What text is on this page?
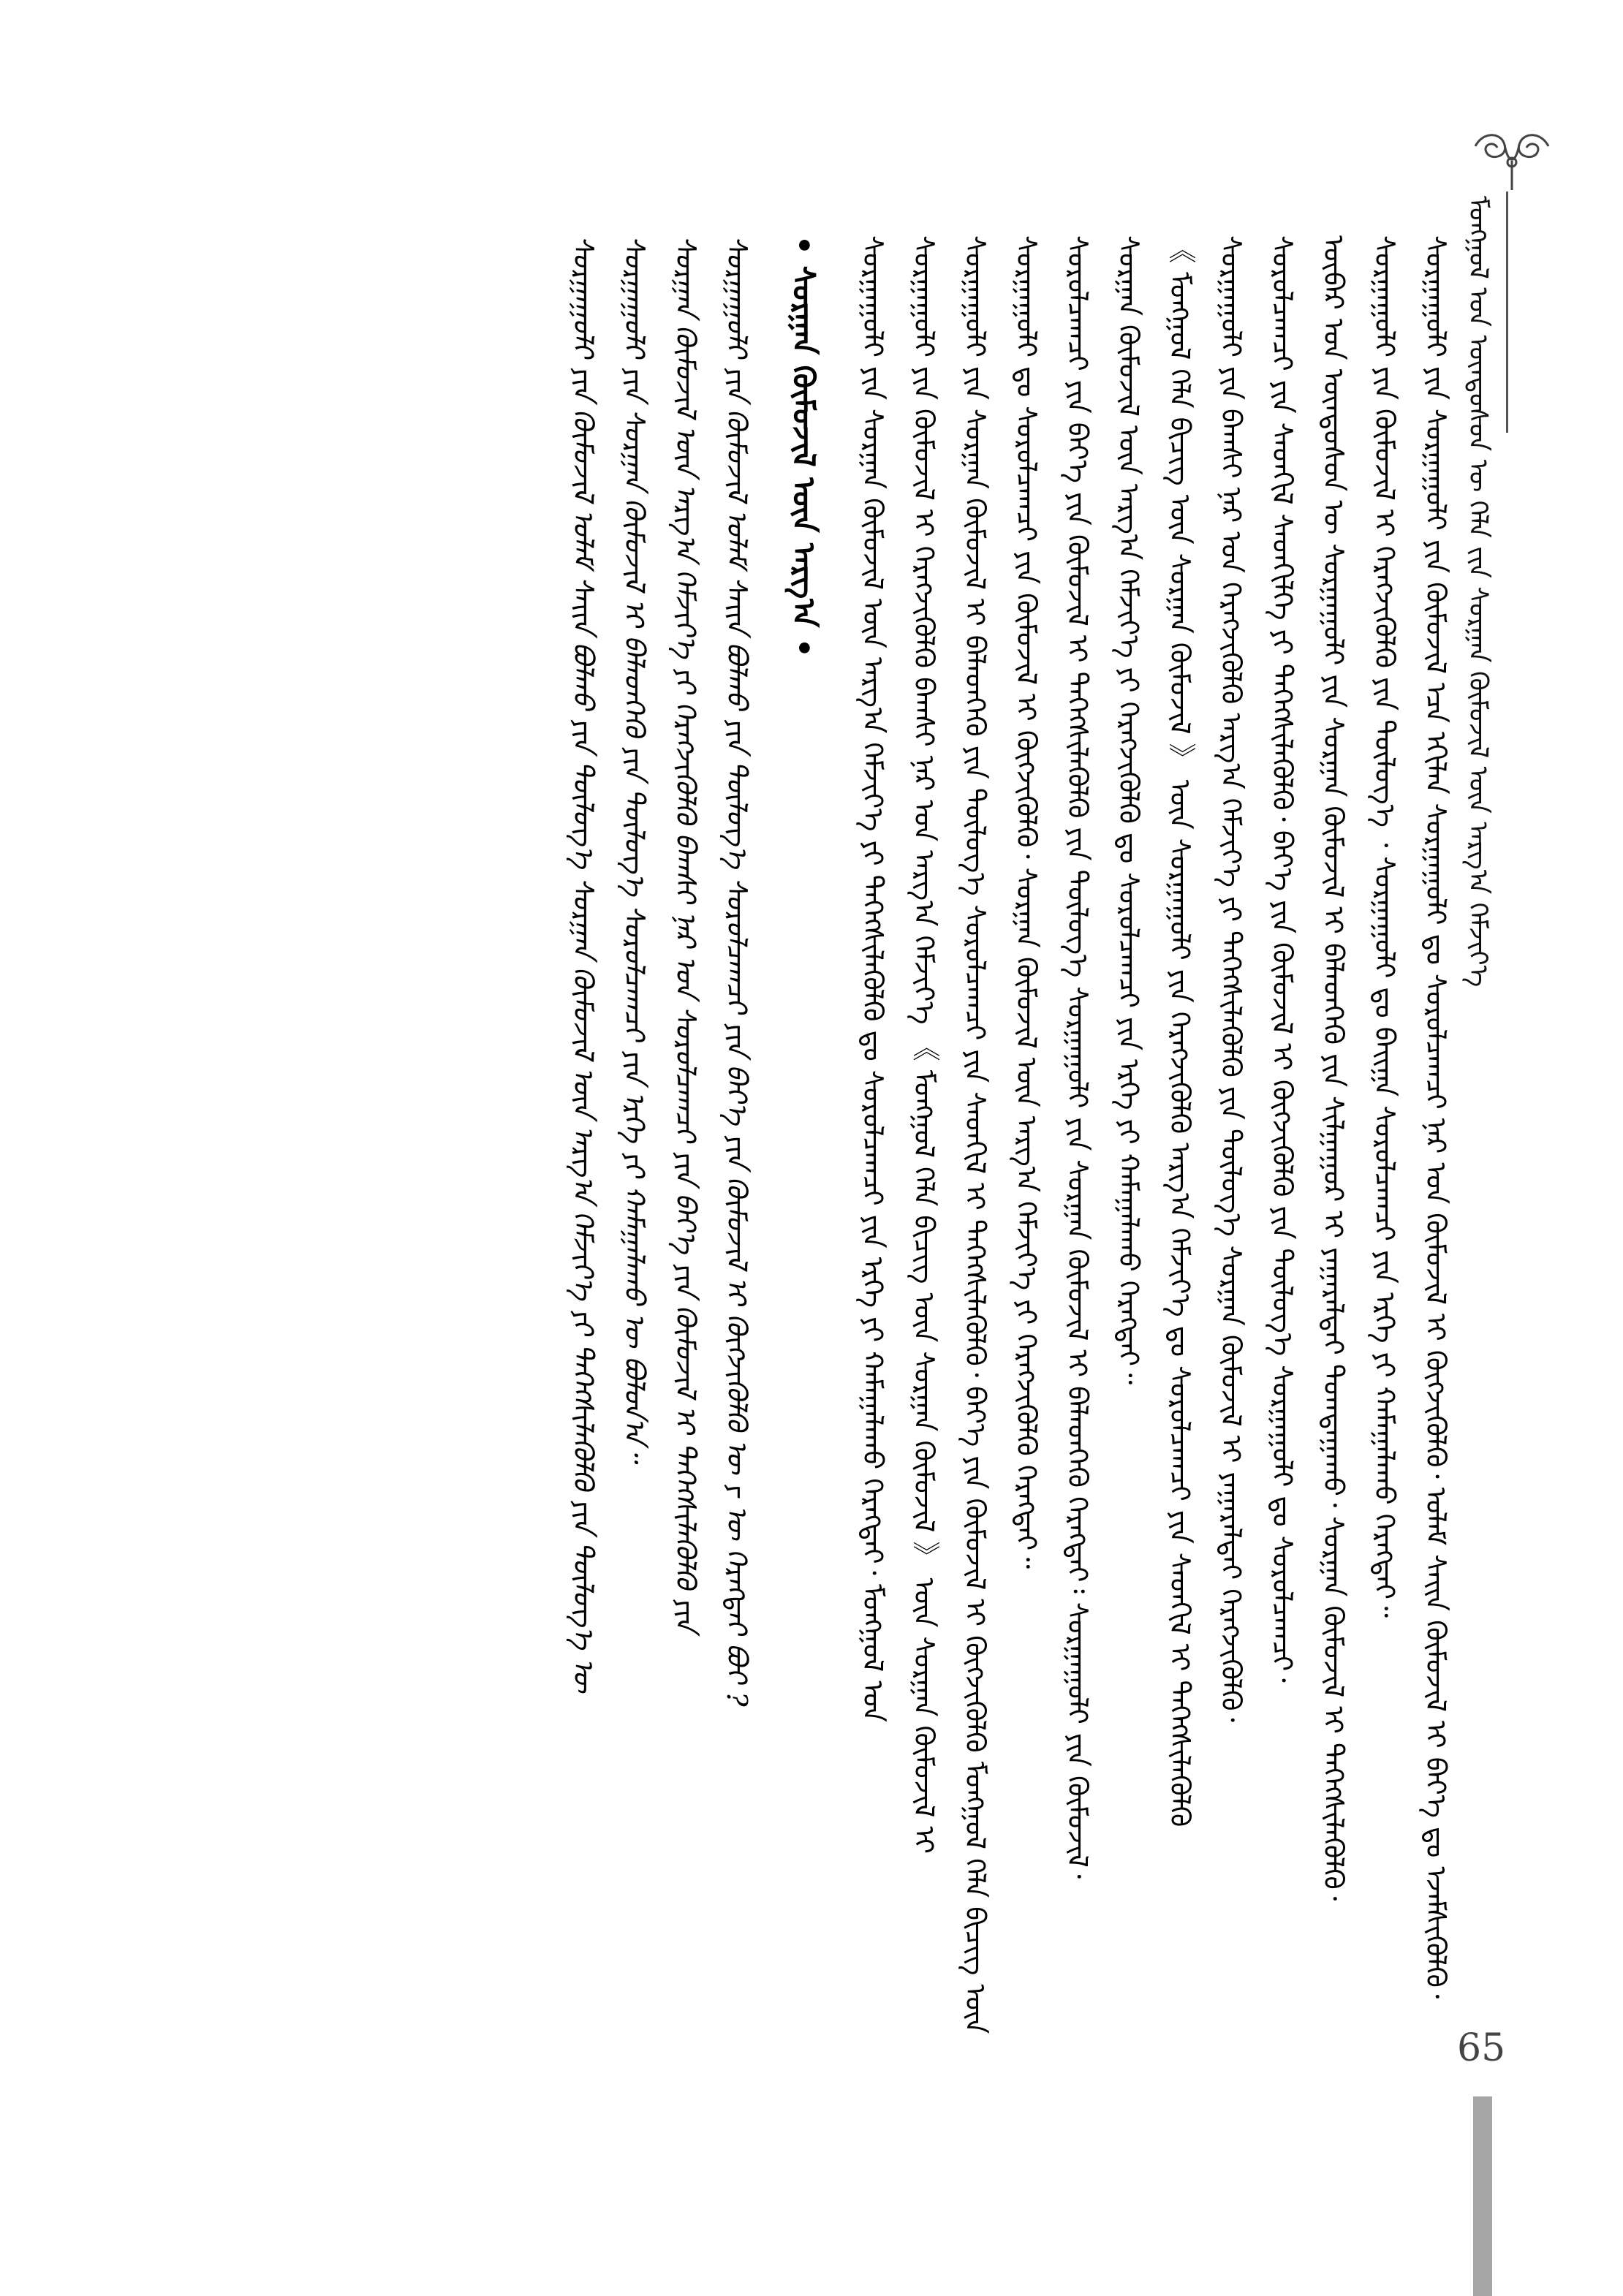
ᠮᠣᠩᠭᠣᠯ ᠤᠨ ᠦᠨᠳᠦᠰᠦᠨ ᠦ ᠬᠡᠯᠡ ᠵᠢᠨ ᠰᠤᠷᠭᠠᠨ ᠬᠦᠮᠦᠵᠢᠯ ᠦᠨ ᠠᠷᠭ᠎ᠠ ᠬᠡᠮᠵᠢᠶ᠎ᠡ
ᠰᠤᠷᠭᠠᠭᠤᠯᠢ ᠶᠢᠨ ᠰᠤᠷᠭᠠᠭᠤᠯᠢ ᠶᠢᠨ ᠬᠦᠮᠦᠵᠢᠯ ᠡᠴᠡ ᠡᠬᠢᠯᠡᠨ ᠰᠤᠷᠭᠠᠭᠤᠯᠢ ᠳᠤ ᠰᠤᠷᠤᠯᠴᠠᠭᠴᠢ ᠨᠠᠷ ᠤᠨ ᠬᠦᠮᠦᠵᠢᠯ ᠢ ᠬᠥᠭᠵᠢᠭᠦᠯᠬᠦ᠂ ᠤᠯᠠᠮ ᠰᠠᠢᠨ ᠬᠦᠮᠦᠵᠢᠯ ᠢ ᠪᠡᠶ᠎ᠡ ᠳᠤ ᠡᠵᠡᠮᠰᠢᠭᠦᠯᠬᠦ᠂
ᠰᠤᠷᠭᠠᠭᠤᠯᠢ ᠶᠢᠨ ᠬᠦᠮᠦᠵᠢᠯ ᠢ ᠬᠡᠷᠡᠭᠵᠢᠭᠦᠯᠬᠦ ᠶᠢᠨ ᠲᠥᠯᠥᠭ᠎ᠡ ᠂ ᠰᠤᠷᠭᠠᠭᠤᠯᠢ ᠳᠤ ᠪᠠᠢᠭᠠ ᠰᠤᠷᠤᠯᠴᠠᠭᠴᠢ ᠶᠢᠨ ᠡᠷᠬᠡ ᠶᠢ ᠬᠠᠮᠠᠭᠠᠯᠠᠬᠤ ᠬᠡᠷᠡᠭᠲᠡᠢ᠃
ᠥᠪᠡᠷ ᠤᠨ ᠦᠨᠳᠦᠰᠦᠨ ᠦ ᠰᠤᠷᠭᠠᠭᠤᠯᠢ ᠶᠢᠨ ᠰᠤᠷᠭᠠᠨ ᠬᠦᠮᠦᠵᠢᠯ ᠢ ᠪᠡᠯᠡᠳᠬᠡᠬᠦ ᠶᠢᠨ ᠰᠢᠯᠭᠠᠭᠤᠷ ᠢ ᠶᠠᠭᠠᠷᠠᠯᠲᠠᠢ ᠲᠣᠭᠲᠠᠭᠠᠬᠤ᠂ ᠰᠤᠷᠭᠠᠨ ᠬᠦᠮᠦᠵᠢᠯ ᠢ ᠳᠡᠭᠡᠭᠰᠢᠯᠡᠭᠦᠯᠬᠦ᠂
ᠰᠤᠷᠤᠯᠴᠠᠭᠴᠢ ᠶᠢᠨ ᠰᠡᠳᠬᠢᠯ ᠰᠡᠳᠬᠢᠯᠭᠡ ᠶᠢ ᠳᠡᠭᠡᠭᠰᠢᠯᠡᠭᠦᠯᠬᠦ᠂ ᠪᠡᠶ᠎ᠡ ᠶᠢᠨ ᠬᠦᠮᠦᠵᠢᠯ ᠢ ᠬᠥᠭᠵᠢᠭᠦᠯᠬᠦ ᠶᠢᠨ ᠲᠥᠯᠥᠭ᠎ᠡ ᠰᠤᠷᠭᠠᠭᠤᠯᠢ ᠳᠤ ᠰᠤᠷᠤᠯᠴᠠᠭᠴᠢ᠂
ᠰᠤᠷᠭᠠᠭᠤᠯᠢ ᠶᠢᠨ ᠪᠠᠭᠰᠢ ᠨᠠᠷ ᠤᠨ ᠬᠡᠷᠡᠭᠵᠢᠭᠦᠯᠬᠦ ᠠᠷᠭ᠎ᠠ ᠬᠡᠮᠵᠢᠶ᠎ᠡ ᠶᠢ ᠳᠡᠭᠡᠭᠰᠢᠯᠡᠭᠦᠯᠬᠦ ᠶᠢᠨ ᠲᠥᠯᠥᠭ᠎ᠡ ᠰᠤᠷᠭᠠᠨ ᠬᠦᠮᠦᠵᠢᠯ ᠢ ᠶᠠᠭᠠᠷᠠᠯᠲᠠᠢ ᠬᠡᠷᠡᠭᠵᠢᠭᠦᠯᠬᠦ᠂
《 ᠮᠣᠩᠭᠣᠯ ᠬᠡᠯᠡ ᠪᠢᠴᠢᠭ ᠦᠨ ᠰᠤᠷᠭᠠᠨ ᠬᠦᠮᠦᠵᠢᠯ 》 ᠦᠨ ᠰᠤᠷᠭᠠᠭᠤᠯᠢ ᠶᠢᠨ ᠬᠡᠷᠡᠭᠵᠢᠭᠦᠯᠬᠦ ᠠᠷᠭ᠎ᠠ ᠬᠡᠮᠵᠢᠶ᠎ᠡ ᠳᠤ ᠰᠤᠷᠤᠯᠴᠠᠭᠴᠢ ᠶᠢᠨ ᠰᠡᠳᠬᠢᠯ ᠢ ᠳᠡᠭᠡᠭᠰᠢᠯᠡᠭᠦᠯᠬᠦ
ᠰᠤᠷᠭᠠᠨ ᠬᠦᠮᠦᠵᠢᠯ ᠦᠨ ᠠᠷᠭ᠎ᠠ ᠬᠡᠮᠵᠢᠶ᠎ᠡ ᠶᠢ ᠬᠡᠷᠡᠭᠵᠢᠭᠦᠯᠬᠦ ᠳᠤ ᠰᠤᠷᠤᠯᠴᠠᠭᠴᠢ ᠶᠢᠨ ᠡᠷᠬᠡ ᠶᠢ ᠬᠠᠮᠠᠭᠠᠯᠠᠬᠤ ᠬᠡᠷᠡᠭᠲᠡᠢ᠃
ᠰᠤᠷᠤᠯᠴᠠᠭᠴᠢ ᠶᠢᠨ ᠪᠡᠶ᠎ᠡ ᠶᠢᠨ ᠬᠦᠮᠦᠵᠢᠯ ᠢ ᠳᠡᠭᠡᠭᠰᠢᠯᠡᠭᠦᠯᠬᠦ ᠶᠢᠨ ᠲᠥᠯᠥᠭ᠎ᠡ ᠰᠤᠷᠭᠠᠭᠤᠯᠢ ᠶᠢᠨ ᠰᠤᠷᠭᠠᠨ ᠬᠦᠮᠦᠵᠢᠯ ᠢ ᠪᠡᠯᠡᠳᠬᠡᠬᠦ ᠬᠡᠷᠡᠭᠲᠡᠢ᠄ ᠰᠤᠷᠭᠠᠭᠤᠯᠢ ᠶᠢᠨ ᠬᠦᠮᠦᠵᠢᠯ᠂
ᠰᠤᠷᠭᠠᠭᠤᠯᠢ ᠳᠤ ᠰᠤᠷᠤᠯᠴᠠᠭᠴᠢ ᠶᠢᠨ ᠬᠦᠮᠦᠵᠢᠯ ᠢ ᠬᠥᠭᠵᠢᠭᠦᠯᠬᠦ᠂ ᠰᠤᠷᠭᠠᠨ ᠬᠦᠮᠦᠵᠢᠯ ᠦᠨ ᠠᠷᠭ᠎ᠠ ᠬᠡᠮᠵᠢᠶ᠎ᠡ ᠶᠢ ᠬᠡᠷᠡᠭᠵᠢᠭᠦᠯᠬᠦ ᠬᠡᠷᠡᠭᠲᠡᠢ᠃
ᠰᠤᠷᠭᠠᠭᠤᠯᠢ ᠶᠢᠨ ᠰᠤᠷᠭᠠᠨ ᠬᠦᠮᠦᠵᠢᠯ ᠢ ᠪᠡᠯᠡᠳᠬᠡᠬᠦ ᠶᠢᠨ ᠲᠥᠯᠥᠭ᠎ᠡ ᠰᠤᠷᠤᠯᠴᠠᠭᠴᠢ ᠶᠢᠨ ᠰᠡᠳᠬᠢᠯ ᠢ ᠳᠡᠭᠡᠭᠰᠢᠯᠡᠭᠦᠯᠬᠦ᠂ ᠪᠡᠶ᠎ᠡ ᠶᠢᠨ ᠬᠦᠮᠦᠵᠢᠯ ᠢ ᠬᠥᠭᠵᠢᠭᠦᠯᠬᠦ ᠮᠣᠩᠭᠣᠯ ᠬᠡᠯᠡ ᠪᠢᠴᠢᠭ ᠦᠨ
ᠰᠤᠷᠭᠠᠭᠤᠯᠢ ᠶᠢᠨ ᠬᠦᠮᠦᠵᠢᠯ ᠢ ᠬᠡᠷᠡᠭᠵᠢᠭᠦᠯᠬᠦ ᠪᠠᠭᠰᠢ ᠨᠠᠷ ᠤᠨ ᠠᠷᠭ᠎ᠠ ᠬᠡᠮᠵᠢᠶ᠎ᠡ 《 ᠮᠣᠩᠭᠣᠯ ᠬᠡᠯᠡ ᠪᠢᠴᠢᠭ ᠦᠨ ᠰᠤᠷᠭᠠᠨ ᠬᠦᠮᠦᠵᠢᠯ 》 ᠦᠨ ᠰᠤᠷᠭᠠᠨ ᠬᠦᠮᠦᠵᠢᠯ ᠢ
ᠰᠤᠷᠭᠠᠭᠤᠯᠢ ᠶᠢᠨ ᠰᠤᠷᠭᠠᠨ ᠬᠦᠮᠦᠵᠢᠯ ᠦᠨ ᠠᠷᠭ᠎ᠠ ᠬᠡᠮᠵᠢᠶ᠎ᠡ ᠶᠢ ᠳᠡᠭᠡᠭᠰᠢᠯᠡᠭᠦᠯᠬᠦ ᠳᠤ ᠰᠤᠷᠤᠯᠴᠠᠭᠴᠢ ᠶᠢᠨ ᠡᠷᠬᠡ ᠶᠢ ᠬᠠᠮᠠᠭᠠᠯᠠᠬᠤ ᠬᠡᠷᠡᠭᠲᠡᠢ᠂ ᠮᠣᠩᠭᠣᠯ ᠤᠨ
• ᠰᠤᠷᠭᠠᠨ ᠬᠦᠮᠦᠵᠢᠯ ᠦᠨ ᠠᠷᠭ᠎ᠠ •
ᠰᠤᠷᠭᠠᠭᠤᠯᠢ ᠶᠢᠨ ᠬᠦᠮᠦᠵᠢᠯ ᠤᠯᠠᠮ ᠰᠠᠢᠨ ᠪᠣᠯᠬᠤ ᠶᠢᠨ ᠲᠥᠯᠥᠭ᠎ᠡ ᠰᠤᠷᠤᠯᠴᠠᠭᠴᠢ ᠶᠢᠨ ᠪᠡᠶ᠎ᠡ ᠶᠢᠨ ᠬᠦᠮᠦᠵᠢᠯ ᠢ ᠬᠥᠭᠵᠢᠭᠦᠯᠬᠦ ᠦ ᠶ ᠦ ᠬᠡᠷᠡᠭᠲᠡᠢ ᠪᠣᠢ ?
ᠰᠤᠷᠭᠠᠨ ᠬᠦᠮᠦᠵᠢᠯ ᠦᠨ ᠠᠷᠭ᠎ᠠ ᠬᠡᠮᠵᠢᠶ᠎ᠡ ᠶᠢ ᠬᠡᠷᠡᠭᠵᠢᠭᠦᠯᠬᠦ ᠪᠠᠭᠰᠢ ᠨᠠᠷ ᠤᠨ ᠰᠤᠷᠤᠯᠴᠠᠭᠴᠢ ᠶᠢᠨ ᠪᠡᠶ᠎ᠡ ᠶᠢᠨ ᠬᠦᠮᠦᠵᠢᠯ ᠢ ᠳᠡᠭᠡᠭᠰᠢᠯᠡᠭᠦᠯᠬᠦ ᠶᠢᠨ
ᠰᠤᠷᠭᠠᠭᠤᠯᠢ ᠶᠢᠨ ᠰᠤᠷᠭᠠᠨ ᠬᠦᠮᠦᠵᠢᠯ ᠢ ᠪᠡᠯᠡᠳᠬᠡᠬᠦ ᠶᠢᠨ ᠲᠥᠯᠥᠭ᠎ᠡ ᠰᠤᠷᠤᠯᠴᠠᠭᠴᠢ ᠶᠢᠨ ᠡᠷᠬᠡ ᠶᠢ ᠬᠠᠮᠠᠭᠠᠯᠠᠬᠤ ᠦ ᠪᠣᠯᠤᠨ᠎ᠠ᠃
ᠰᠤᠷᠭᠠᠭᠤᠯᠢ ᠶᠢᠨ ᠬᠦᠮᠦᠵᠢᠯ ᠤᠯᠠᠮ ᠰᠠᠢᠨ ᠪᠣᠯᠬᠤ ᠶᠢᠨ ᠲᠥᠯᠥᠭ᠎ᠡ ᠰᠤᠷᠭᠠᠨ ᠬᠦᠮᠦᠵᠢᠯ ᠦᠨ ᠠᠷᠭ᠎ᠠ ᠬᠡᠮᠵᠢᠶ᠎ᠡ ᠶᠢ ᠳᠡᠭᠡᠭᠰᠢᠯᠡᠭᠦᠯᠬᠦ ᠶᠢᠨ ᠲᠥᠯᠥᠭ᠎ᠡ ᠦ
65
